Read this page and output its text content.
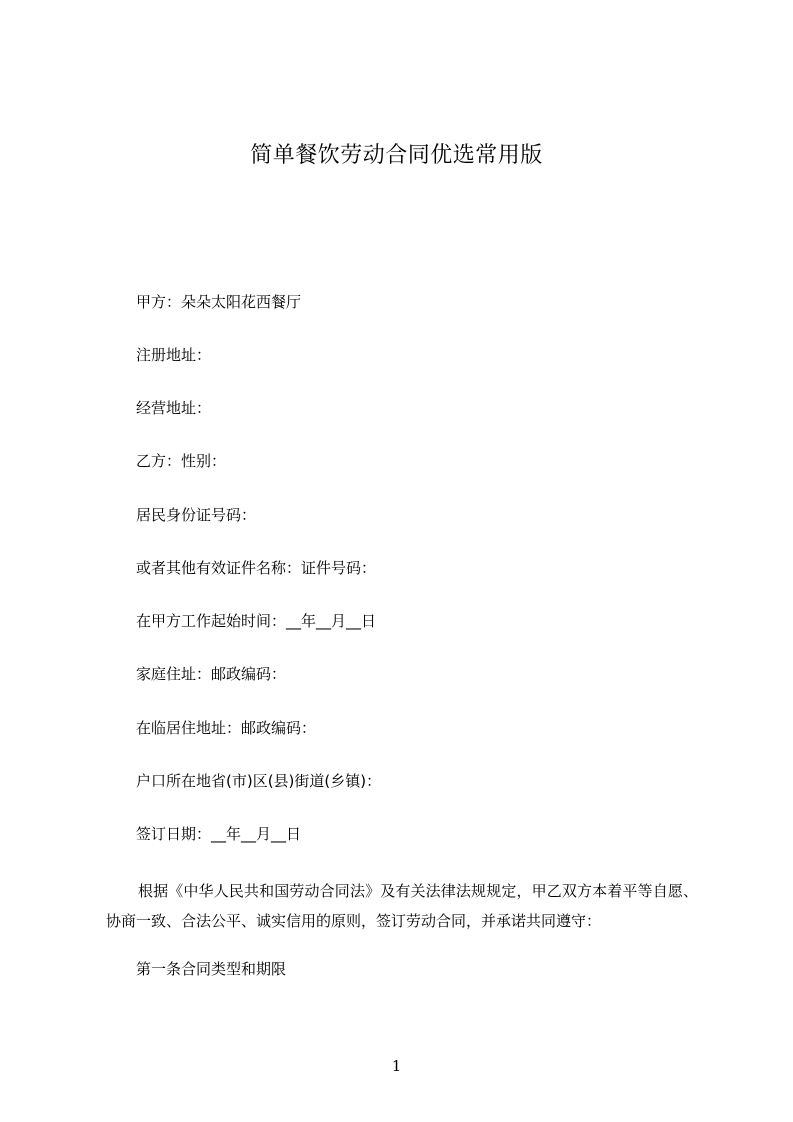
简单餐饮劳动合同优选常用版
甲方：朵朵太阳花西餐厅
注册地址：
经营地址：
乙方：性别：
居民身份证号码：
或者其他有效证件名称：证件号码：
在甲方工作起始时间：__年__月__日
家庭住址：邮政编码：
在临居住地址：邮政编码：
户口所在地省(市)区(县)街道(乡镇)：
签订日期：__年__月__日
根据《中华人民共和国劳动合同法》及有关法律法规规定，甲乙双方本着平等自愿、协商一致、合法公平、诚实信用的原则，签订劳动合同，并承诺共同遵守：
第一条合同类型和期限
1
